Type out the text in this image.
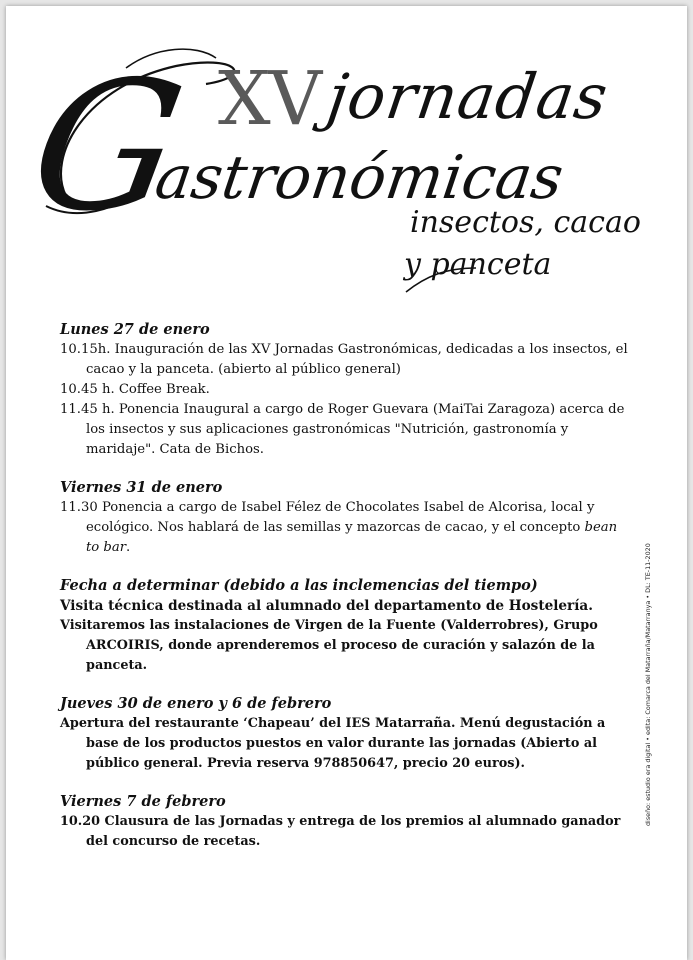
G XV jornadas
astronómicas
insectos, cacao
y panceta

Lunes 27 de enero

10.15h. Inauguración de las XV Jornadas Gastronómicas, dedicadas a los insectos, el cacao y la panceta. (abierto al público general)

10.45 h. Coffee Break.

11.45 h. Ponencia Inaugural a cargo de Roger Guevara (MaiTai Zaragoza) acerca de los insectos y sus aplicaciones gastronómicas "Nutrición, gastronomía y maridaje". Cata de Bichos.

Viernes 31 de enero

11.30 Ponencia a cargo de Isabel Félez de Chocolates Isabel de Alcorisa, local y ecológico. Nos hablará de las semillas y mazorcas de cacao, y el concepto bean to bar.

Fecha a determinar (debido a las inclemencias del tiempo)

Visita técnica destinada al alumnado del departamento de Hostelería.

Visitaremos las instalaciones de Virgen de la Fuente (Valderrobres), Grupo ARCOIRIS, donde aprenderemos el proceso de curación y salazón de la panceta.

Jueves 30 de enero y 6 de febrero

Apertura del restaurante ‘Chapeau’ del IES Matarraña. Menú degustación a base de los productos puestos en valor durante las jornadas (Abierto al público general. Previa reserva 978850647, precio 20 euros).

Viernes 7 de febrero

10.20 Clausura de las Jornadas y entrega de los premios al alumnado ganador del concurso de recetas.

diseño: estudio era digital • edita: Comarca del Matarraña/Matarranya • DL: TE-11-2020
